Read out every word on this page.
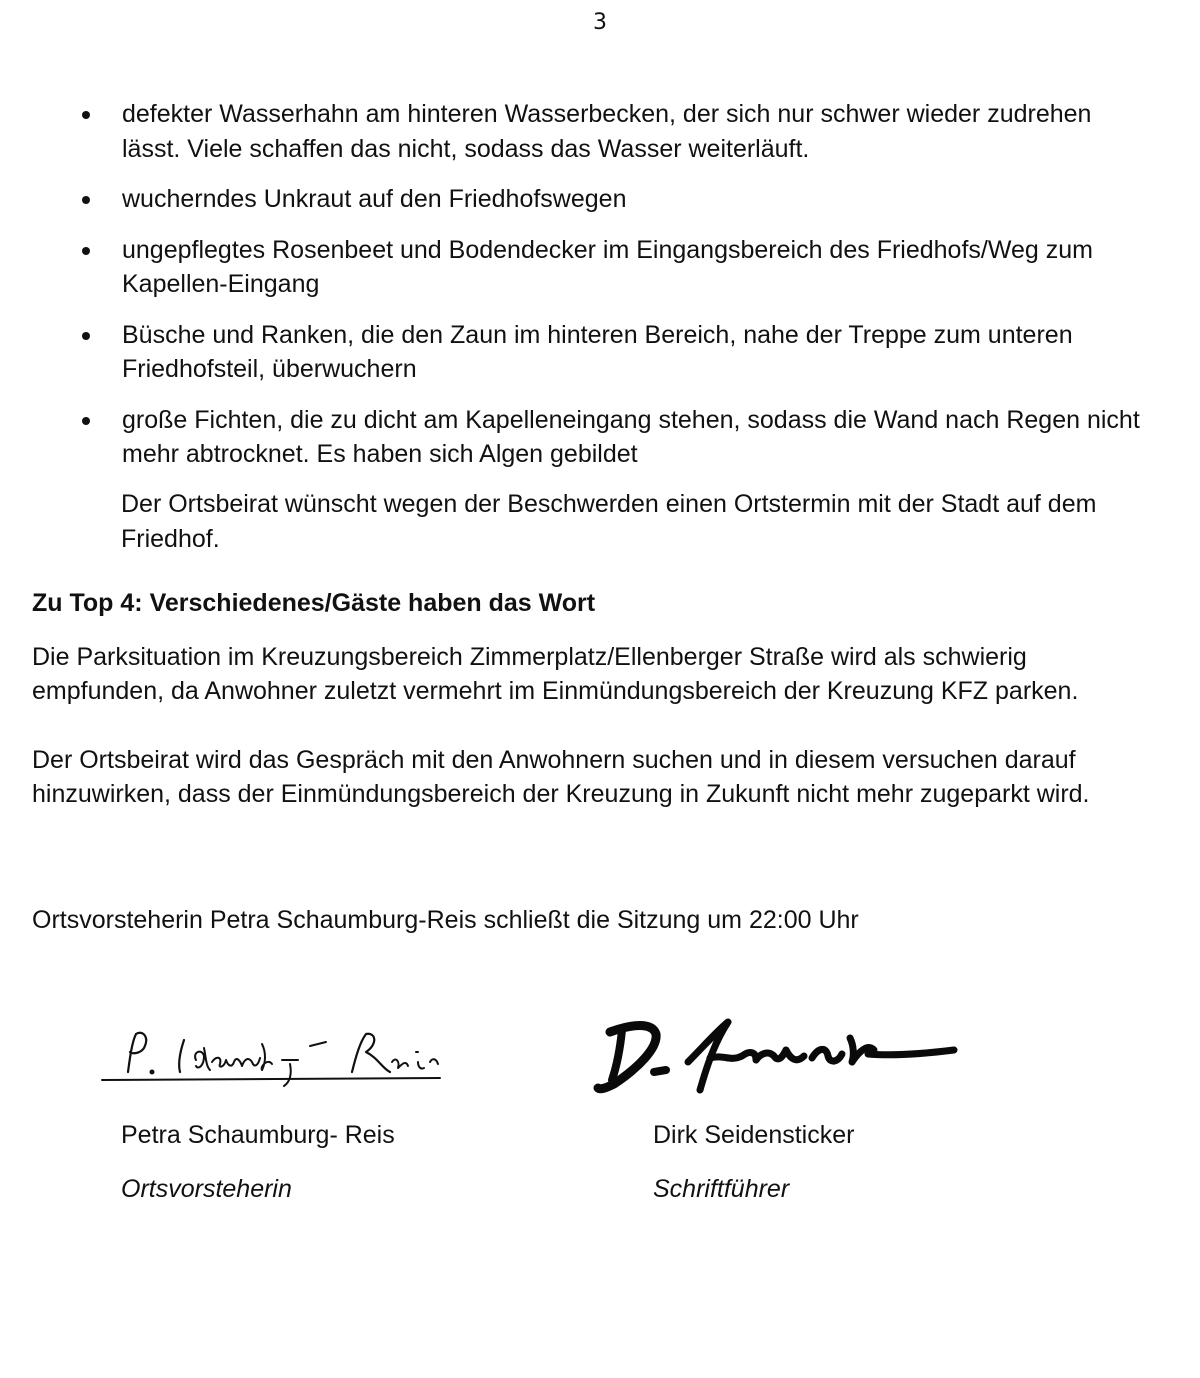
3
defekter Wasserhahn am hinteren Wasserbecken, der sich nur schwer wieder zudrehen lässt. Viele schaffen das nicht, sodass das Wasser weiterläuft.
wucherndes Unkraut auf den Friedhofswegen
ungepflegtes Rosenbeet und Bodendecker im Eingangsbereich des Friedhofs/Weg zum Kapellen-Eingang
Büsche und Ranken, die den Zaun im hinteren Bereich, nahe der Treppe zum unteren Friedhofsteil, überwuchern
große Fichten, die zu dicht am Kapelleneingang stehen, sodass die Wand nach Regen nicht mehr abtrocknet. Es haben sich Algen gebildet

Der Ortsbeirat wünscht wegen der Beschwerden einen Ortstermin mit der Stadt auf dem Friedhof.

Zu Top 4: Verschiedenes/Gäste haben das Wort

Die Parksituation im Kreuzungsbereich Zimmerplatz/Ellenberger Straße wird als schwierig empfunden, da Anwohner zuletzt vermehrt im Einmündungsbereich der Kreuzung KFZ parken.

Der Ortsbeirat wird das Gespräch mit den Anwohnern suchen und in diesem versuchen darauf hinzuwirken, dass der Einmündungsbereich der Kreuzung in Zukunft nicht mehr zugeparkt wird.

Ortsvorsteherin Petra Schaumburg-Reis schließt die Sitzung um 22:00 Uhr

Petra Schaumburg- Reis	Dirk Seidensticker

Ortsvorsteherin	Schriftführer
